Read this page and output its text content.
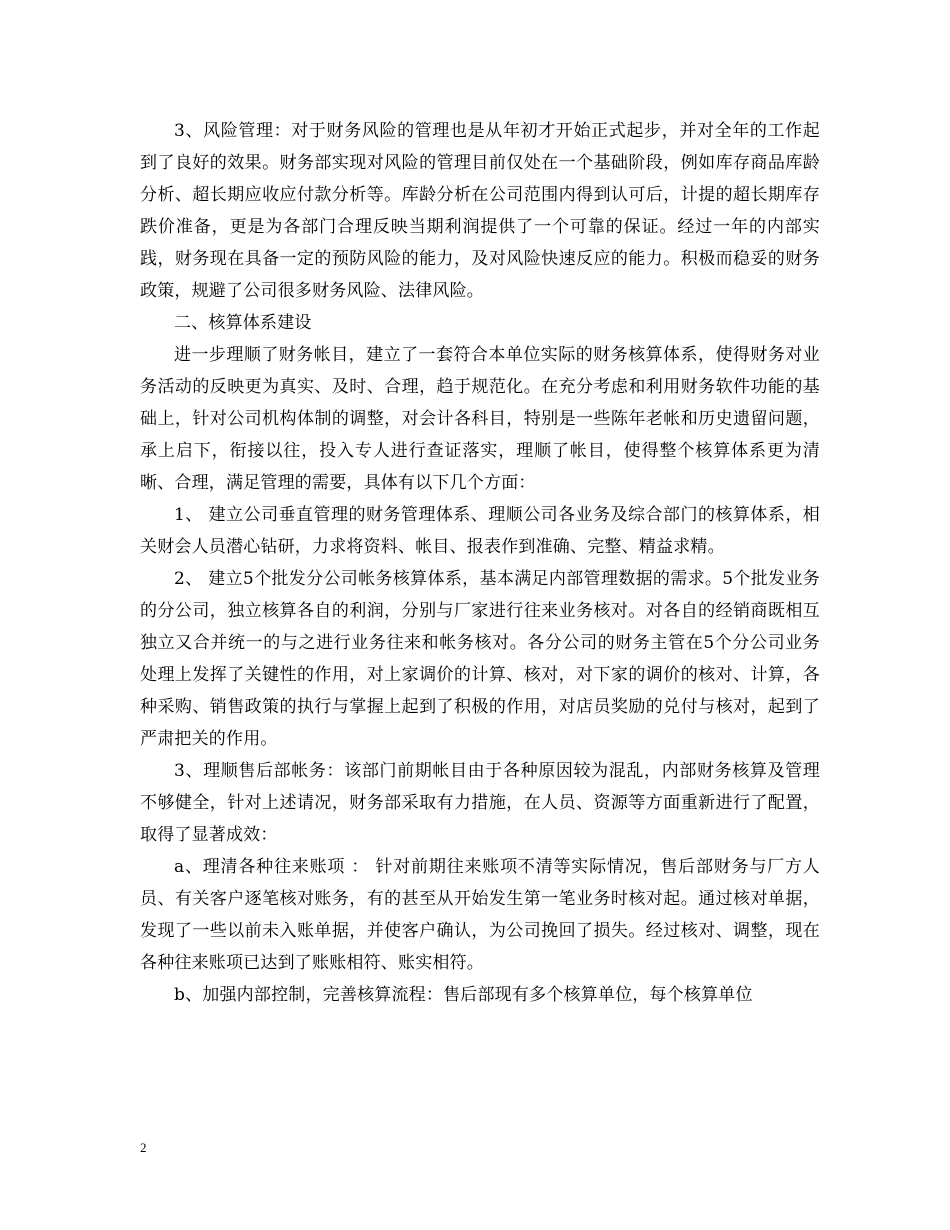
3、风险管理：对于财务风险的管理也是从年初才开始正式起步，并对全年的工作起到了良好的效果。财务部实现对风险的管理目前仅处在一个基础阶段，例如库存商品库龄分析、超长期应收应付款分析等。库龄分析在公司范围内得到认可后，计提的超长期库存跌价准备，更是为各部门合理反映当期利润提供了一个可靠的保证。经过一年的内部实践，财务现在具备一定的预防风险的能力，及对风险快速反应的能力。积极而稳妥的财务政策，规避了公司很多财务风险、法律风险。

二、核算体系建设

进一步理顺了财务帐目，建立了一套符合本单位实际的财务核算体系，使得财务对业务活动的反映更为真实、及时、合理，趋于规范化。在充分考虑和利用财务软件功能的基础上，针对公司机构体制的调整，对会计各科目，特别是一些陈年老帐和历史遗留问题，承上启下，衔接以往，投入专人进行查证落实，理顺了帐目，使得整个核算体系更为清晰、合理，满足管理的需要，具体有以下几个方面：

1、 建立公司垂直管理的财务管理体系、理顺公司各业务及综合部门的核算体系，相关财会人员潜心钻研，力求将资料、帐目、报表作到准确、完整、精益求精。

2、 建立5个批发分公司帐务核算体系，基本满足内部管理数据的需求。5个批发业务的分公司，独立核算各自的利润，分别与厂家进行往来业务核对。对各自的经销商既相互独立又合并统一的与之进行业务往来和帐务核对。各分公司的财务主管在5个分公司业务处理上发挥了关键性的作用，对上家调价的计算、核对，对下家的调价的核对、计算，各种采购、销售政策的执行与掌握上起到了积极的作用，对店员奖励的兑付与核对，起到了严肃把关的作用。

3、理顺售后部帐务：该部门前期帐目由于各种原因较为混乱，内部财务核算及管理不够健全，针对上述请况，财务部采取有力措施，在人员、资源等方面重新进行了配置，取得了显著成效：

a、理清各种往来账项 ： 针对前期往来账项不清等实际情况，售后部财务与厂方人员、有关客户逐笔核对账务，有的甚至从开始发生第一笔业务时核对起。通过核对单据，发现了一些以前未入账单据，并使客户确认，为公司挽回了损失。经过核对、调整，现在各种往来账项已达到了账账相符、账实相符。

b、加强内部控制，完善核算流程：售后部现有多个核算单位，每个核算单位

2
